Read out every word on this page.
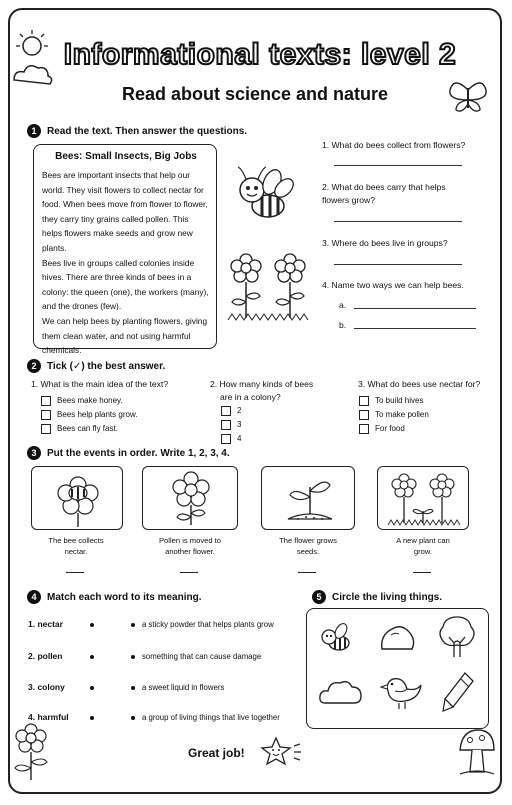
Informational texts: level 2
Read about science and nature
1 Read the text. Then answer the questions.
Bees: Small Insects, Big Jobs

Bees are important insects that help our world. They visit flowers to collect nectar for food. When bees move from flower to flower, they carry tiny grains called pollen. This helps flowers make seeds and grow new plants.

Bees live in groups called colonies inside hives. There are three kinds of bees in a colony: the queen (one), the workers (many), and the drones (few).

We can help bees by planting flowers, giving them clean water, and not using harmful chemicals.

1. What do bees collect from flowers?
2. What do bees carry that helps flowers grow?
3. Where do bees live in groups?
4. Name two ways we can help bees.
a.
b.
2 Tick (✓) the best answer.
1. What is the main idea of the text?
Bees make honey.
Bees help plants grow.
Bees can fly fast.
2. How many kinds of bees
are in a colony?
2
3
4
3. What do bees use nectar for?
To build hives
To make pollen
For food
3 Put the events in order. Write 1, 2, 3, 4.
The bee collects
nectar.
Pollen is moved to
another flower.
The flower grows
seeds.
A new plant can
grow.
4 Match each word to its meaning.
1. nectar
2. pollen
3. colony
4. harmful
a sticky powder that helps plants grow
something that can cause damage
a sweet liquid in flowers
a group of living things that live together
5 Circle the living things.
Great job!
